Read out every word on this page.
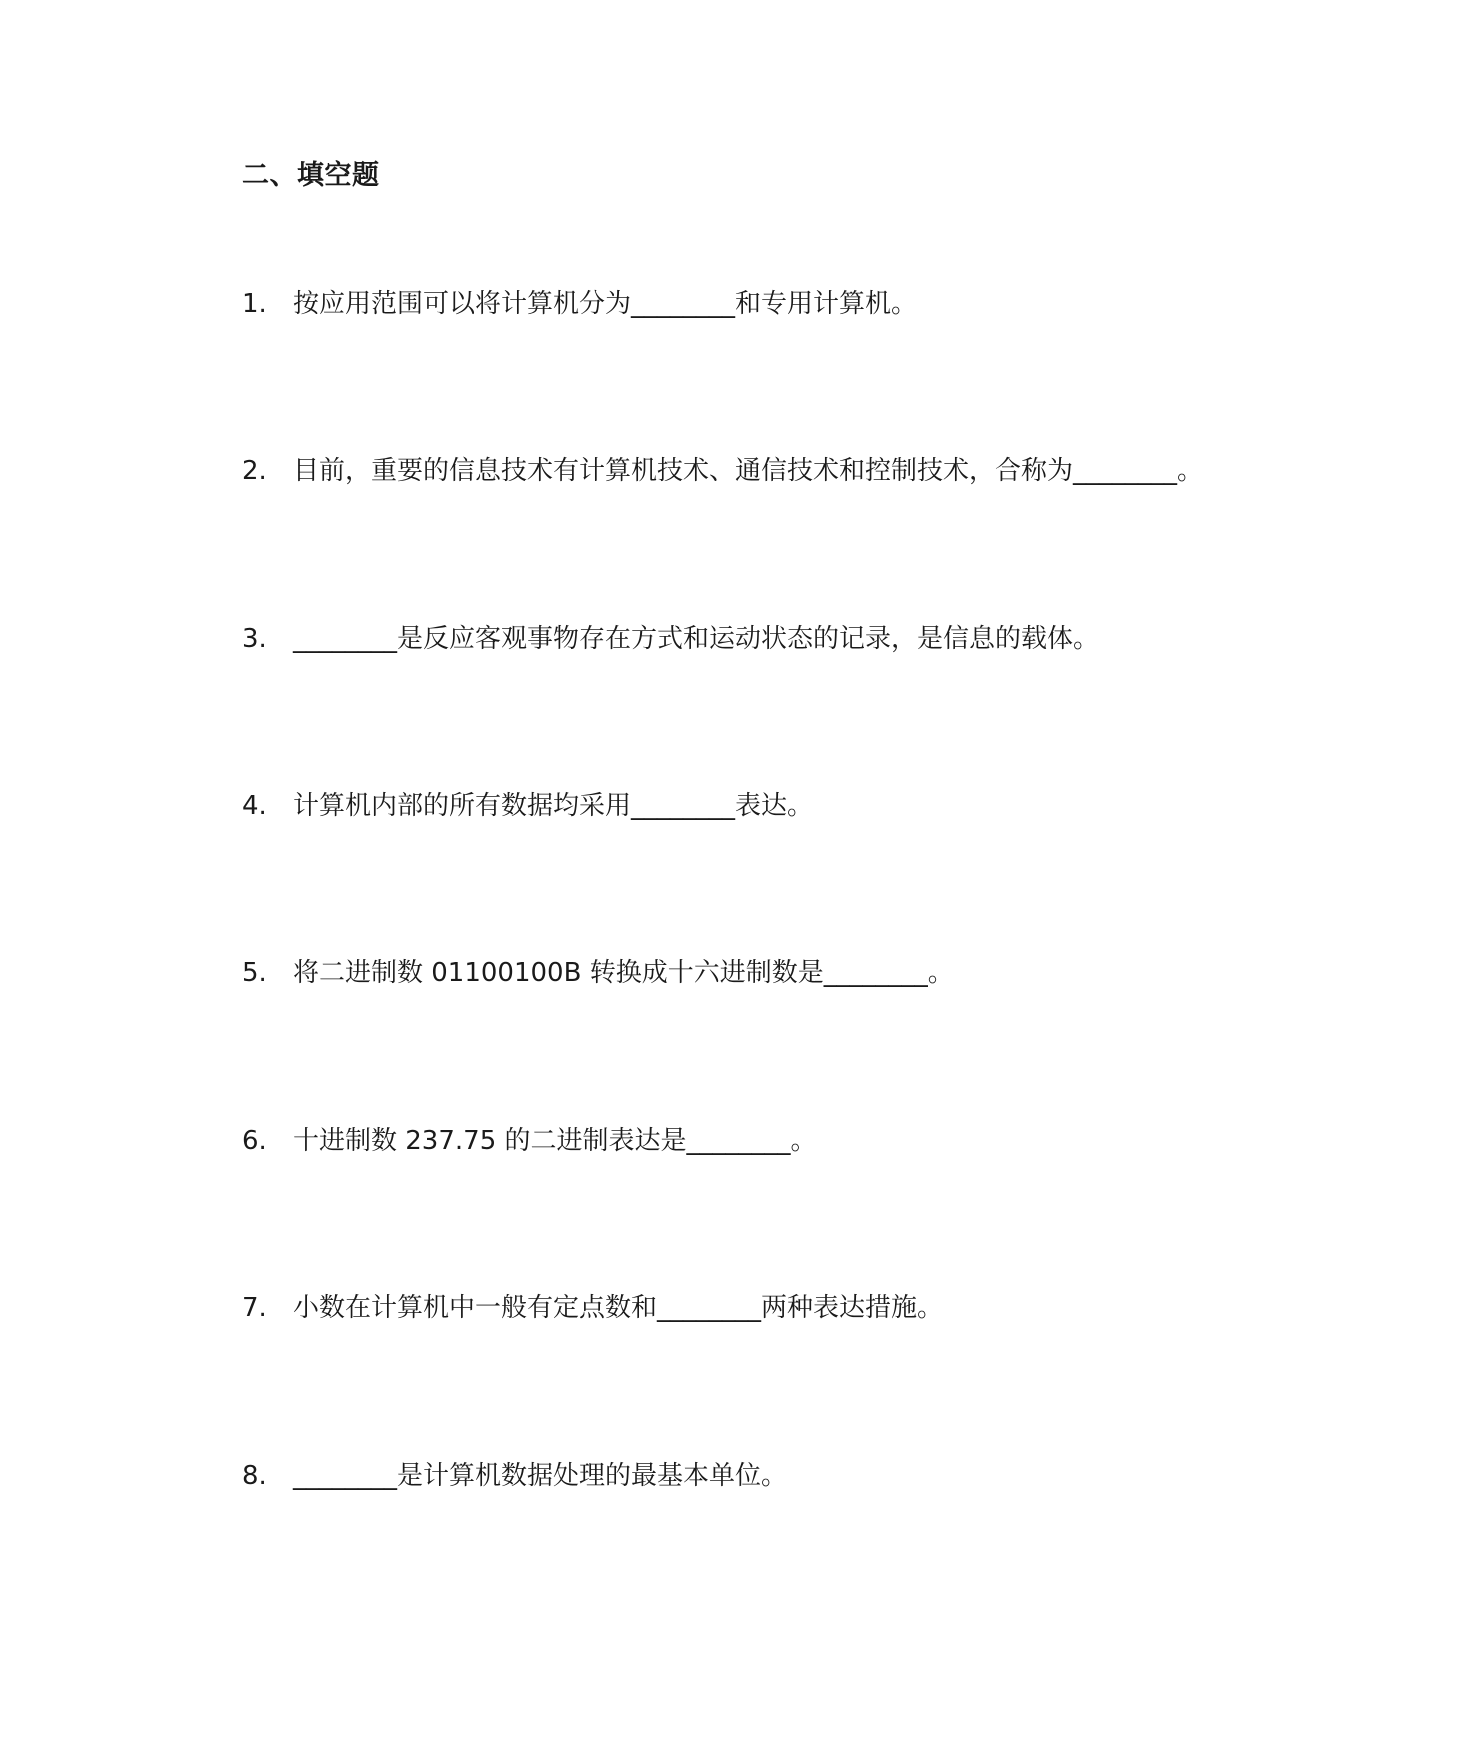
二、填空题
1. 按应用范围可以将计算机分为________和专用计算机。
2. 目前，重要的信息技术有计算机技术、通信技术和控制技术，合称为________。
3. ________是反应客观事物存在方式和运动状态的记录，是信息的载体。
4. 计算机内部的所有数据均采用________表达。
5. 将二进制数 01100100B 转换成十六进制数是________。
6. 十进制数 237.75 的二进制表达是________。
7. 小数在计算机中一般有定点数和________两种表达措施。
8. ________是计算机数据处理的最基本单位。
